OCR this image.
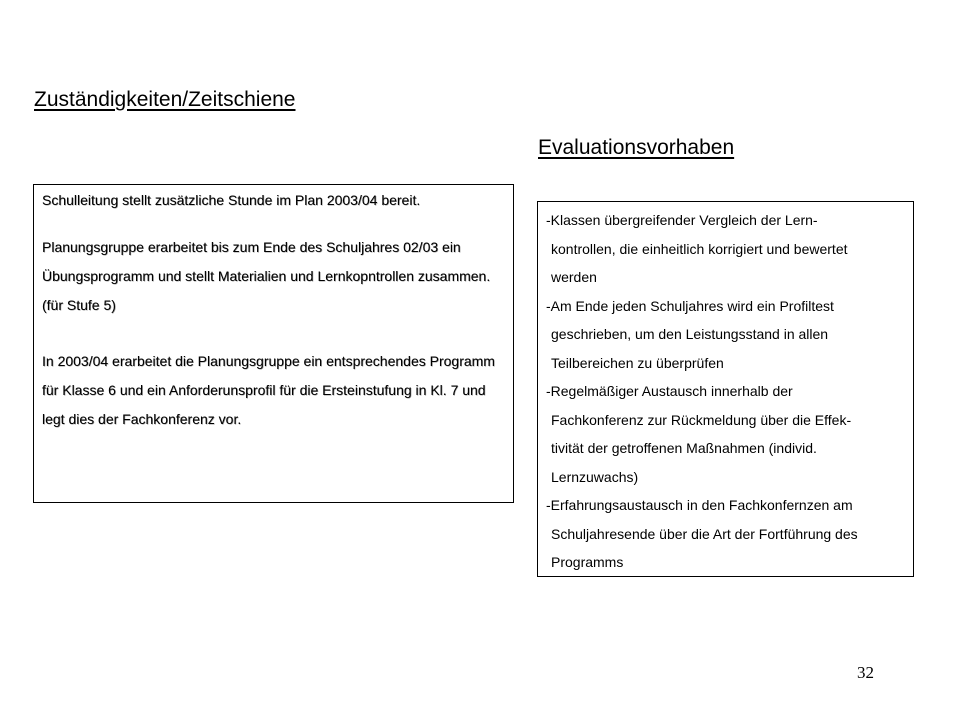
Zuständigkeiten/Zeitschiene
Evaluationsvorhaben

Schulleitung stellt zusätzliche Stunde im Plan 2003/04 bereit.

Planungsgruppe erarbeitet bis zum Ende des Schuljahres 02/03 ein Übungsprogramm und stellt Materialien und Lernkopntrollen zusammen. (für Stufe 5)

In 2003/04 erarbeitet die Planungsgruppe ein entsprechendes Programm für Klasse 6 und ein Anforderunsprofil für die Ersteinstufung in Kl. 7 und legt dies der Fachkonferenz vor.

-Klassen übergreifender Vergleich der Lern-
kontrollen, die einheitlich korrigiert und bewertet
werden
-Am Ende jeden Schuljahres wird ein Profiltest
geschrieben, um den Leistungsstand in allen
Teilbereichen zu überprüfen
-Regelmäßiger Austausch innerhalb der
Fachkonferenz zur Rückmeldung über die Effek-
tivität der getroffenen Maßnahmen (individ.
Lernzuwachs)
-Erfahrungsaustausch in den Fachkonfernzen am
Schuljahresende über die Art der Fortführung des
Programms
32
